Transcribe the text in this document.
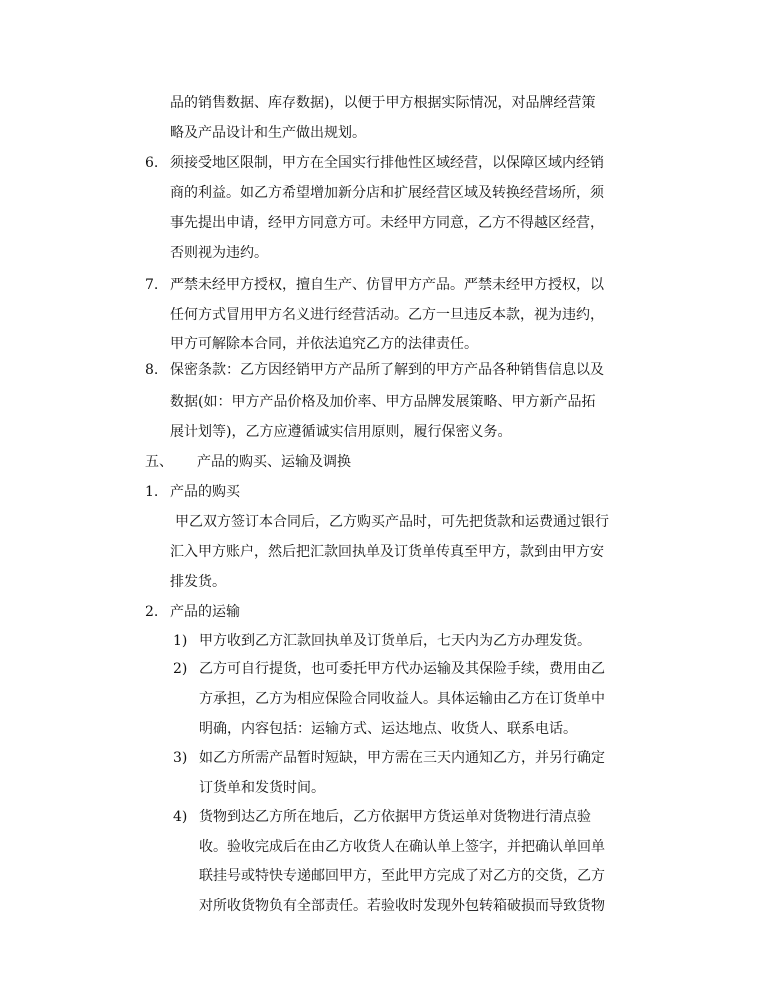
6.
7.
8.
五、
1.
2.
1)
2)
3)
4)
品的销售数据、库存数据)，以便于甲方根据实际情况，对品牌经营策
略及产品设计和生产做出规划。
须接受地区限制，甲方在全国实行排他性区域经营，以保障区域内经销
商的利益。如乙方希望增加新分店和扩展经营区域及转换经营场所，须
事先提出申请，经甲方同意方可。未经甲方同意，乙方不得越区经营，
否则视为违约。
严禁未经甲方授权，擅自生产、仿冒甲方产品。严禁未经甲方授权，以
任何方式冒用甲方名义进行经营活动。乙方一旦违反本款，视为违约，
甲方可解除本合同，并依法追究乙方的法律责任。
保密条款：乙方因经销甲方产品所了解到的甲方产品各种销售信息以及
数据(如：甲方产品价格及加价率、甲方品牌发展策略、甲方新产品拓
展计划等)，乙方应遵循诚实信用原则，履行保密义务。
产品的购买、运输及调换
产品的购买
甲乙双方签订本合同后，乙方购买产品时，可先把货款和运费通过银行
汇入甲方账户，然后把汇款回执单及订货单传真至甲方，款到由甲方安
排发货。
产品的运输
甲方收到乙方汇款回执单及订货单后，七天内为乙方办理发货。
乙方可自行提货，也可委托甲方代办运输及其保险手续，费用由乙
方承担，乙方为相应保险合同收益人。具体运输由乙方在订货单中
明确，内容包括：运输方式、运达地点、收货人、联系电话。
如乙方所需产品暂时短缺，甲方需在三天内通知乙方，并另行确定
订货单和发货时间。
货物到达乙方所在地后，乙方依据甲方货运单对货物进行清点验
收。验收完成后在由乙方收货人在确认单上签字，并把确认单回单
联挂号或特快专递邮回甲方，至此甲方完成了对乙方的交货，乙方
对所收货物负有全部责任。若验收时发现外包转箱破损而导致货物
